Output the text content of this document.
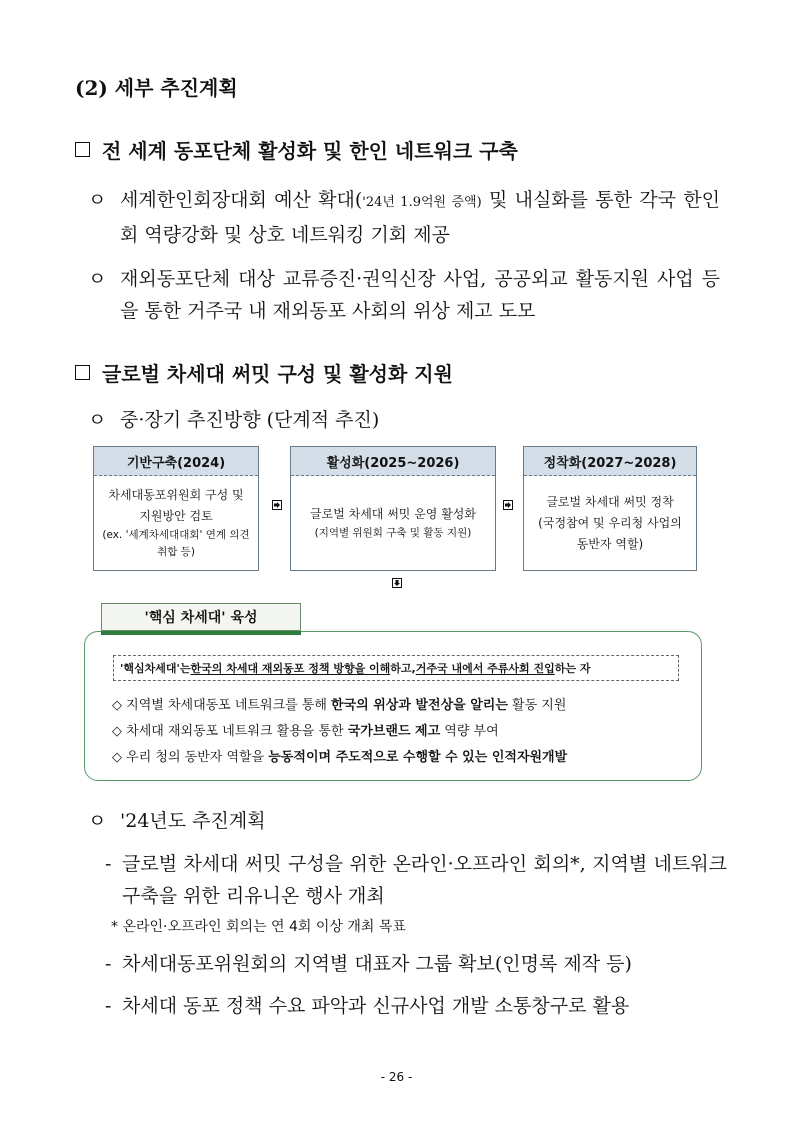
(2) 세부 추진계획
전 세계 동포단체 활성화 및 한인 네트워크 구축
ㅇ 세계한인회장대회 예산 확대('24년 1.9억원 증액) 및 내실화를 통한 각국 한인회 역량강화 및 상호 네트워킹 기회 제공
ㅇ 재외동포단체 대상 교류증진·권익신장 사업, 공공외교 활동지원 사업 등을 통한 거주국 내 재외동포 사회의 위상 제고 도모
글로벌 차세대 써밋 구성 및 활성화 지원
ㅇ 중·장기 추진방향 (단계적 추진)
기반구축(2024)
차세대동포위원회 구성 및
지원방안 검토
(ex. '세계차세대대회' 연계 의견
취합 등)
활성화(2025~2026)
글로벌 차세대 써밋 운영 활성화
(지역별 위원회 구축 및 활동 지원)
정착화(2027~2028)
글로벌 차세대 써밋 정착
(국정참여 및 우리청 사업의
동반자 역할)
'핵심 차세대' 육성
'핵심차세대'는 한국의 차세대 재외동포 정책 방향을 이해 하고, 거주국 내에서 주류사회 진입 하는 자
◇ 지역별 차세대동포 네트워크를 통해 한국의 위상과 발전상을 알리는 활동 지원
◇ 차세대 재외동포 네트워크 활용을 통한 국가브랜드 제고 역량 부여
◇ 우리 청의 동반자 역할을 능동적이며 주도적으로 수행할 수 있는 인적자원개발
ㅇ '24년도 추진계획
- 글로벌 차세대 써밋 구성을 위한 온라인·오프라인 회의*, 지역별 네트워크 구축을 위한 리유니온 행사 개최
* 온라인·오프라인 회의는 연 4회 이상 개최 목표
- 차세대동포위원회의 지역별 대표자 그룹 확보(인명록 제작 등)
- 차세대 동포 정책 수요 파악과 신규사업 개발 소통창구로 활용
- 26 -
